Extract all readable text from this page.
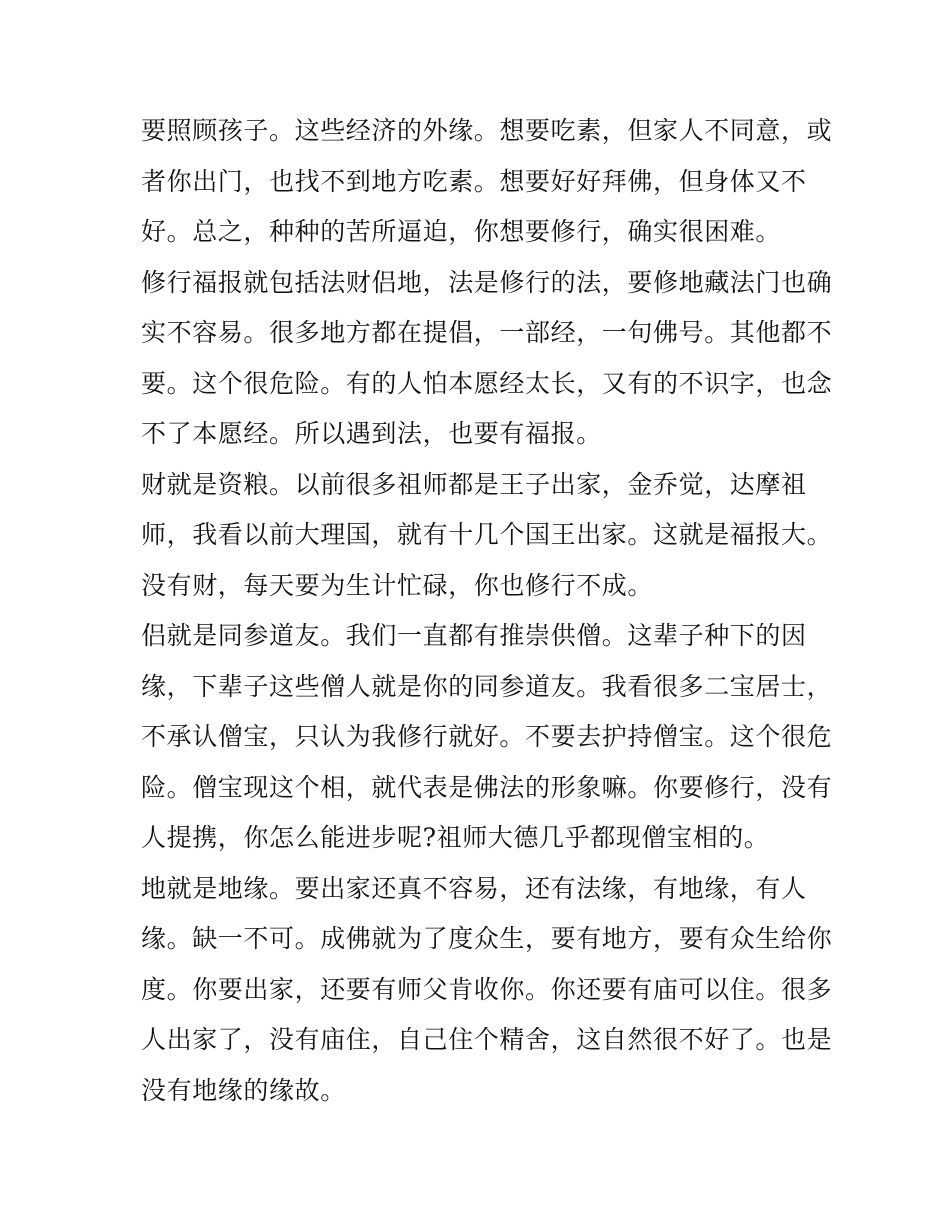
要照顾孩子。这些经济的外缘。想要吃素，但家人不同意，或
者你出门，也找不到地方吃素。想要好好拜佛，但身体又不
好。总之，种种的苦所逼迫，你想要修行，确实很困难。
修行福报就包括法财侣地，法是修行的法，要修地藏法门也确
实不容易。很多地方都在提倡，一部经，一句佛号。其他都不
要。这个很危险。有的人怕本愿经太长，又有的不识字，也念
不了本愿经。所以遇到法，也要有福报。
财就是资粮。以前很多祖师都是王子出家，金乔觉，达摩祖
师，我看以前大理国，就有十几个国王出家。这就是福报大。
没有财，每天要为生计忙碌，你也修行不成。
侣就是同参道友。我们一直都有推崇供僧。这辈子种下的因
缘，下辈子这些僧人就是你的同参道友。我看很多二宝居士，
不承认僧宝，只认为我修行就好。不要去护持僧宝。这个很危
险。僧宝现这个相，就代表是佛法的形象嘛。你要修行，没有
人提携，你怎么能进步呢?祖师大德几乎都现僧宝相的。
地就是地缘。要出家还真不容易，还有法缘，有地缘，有人
缘。缺一不可。成佛就为了度众生，要有地方，要有众生给你
度。你要出家，还要有师父肯收你。你还要有庙可以住。很多
人出家了，没有庙住，自己住个精舍，这自然很不好了。也是
没有地缘的缘故。
